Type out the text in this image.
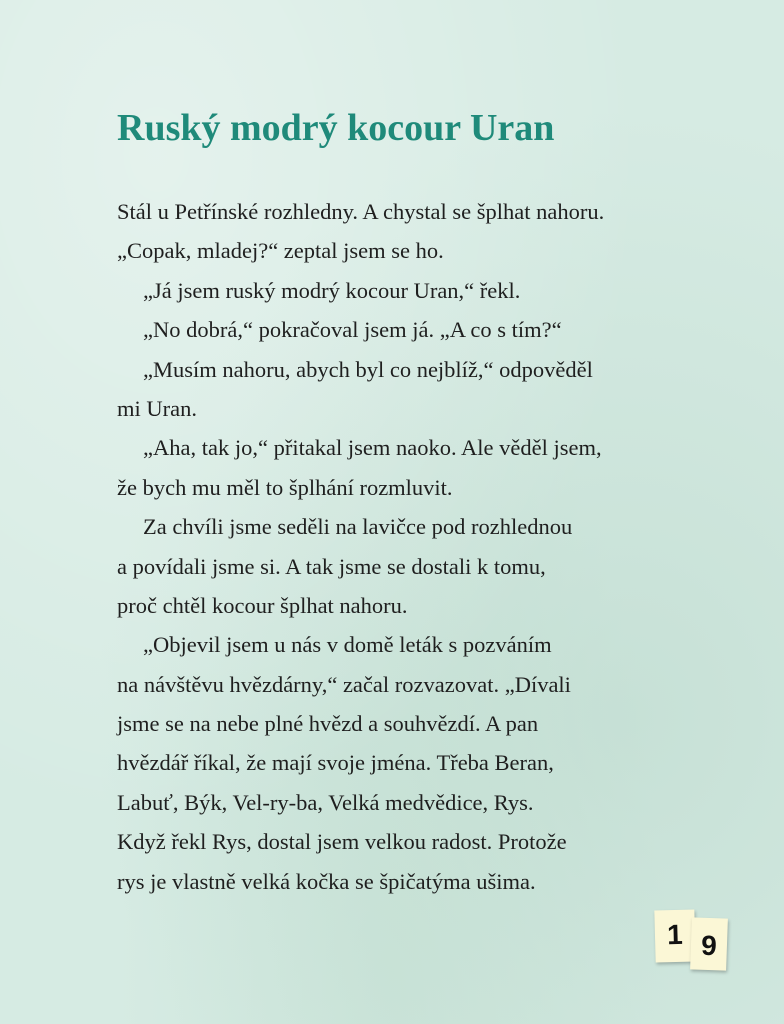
Ruský modrý kocour Uran
Stál u Petřínské rozhledny. A chystal se šplhat nahoru.
„Copak, mladej?“ zeptal jsem se ho.
„Já jsem ruský modrý kocour Uran,“ řekl.
„No dobrá,“ pokračoval jsem já. „A co s tím?“
„Musím nahoru, abych byl co nejblíž,“ odpověděl
mi Uran.
„Aha, tak jo,“ přitakal jsem naoko. Ale věděl jsem,
že bych mu měl to šplhání rozmluvit.
Za chvíli jsme seděli na lavičce pod rozhlednou
a povídali jsme si. A tak jsme se dostali k tomu,
proč chtěl kocour šplhat nahoru.
„Objevil jsem u nás v domě leták s pozváním
na návštěvu hvězdárny,“ začal rozvazovat. „Dívali
jsme se na nebe plné hvězd a souhvězdí. A pan
hvězdář říkal, že mají svoje jména. Třeba Beran,
Labuť, Býk, Vel-ry-ba, Velká medvědice, Rys.
Když řekl Rys, dostal jsem velkou radost. Protože
rys je vlastně velká kočka se špičatýma ušima.
1 9
